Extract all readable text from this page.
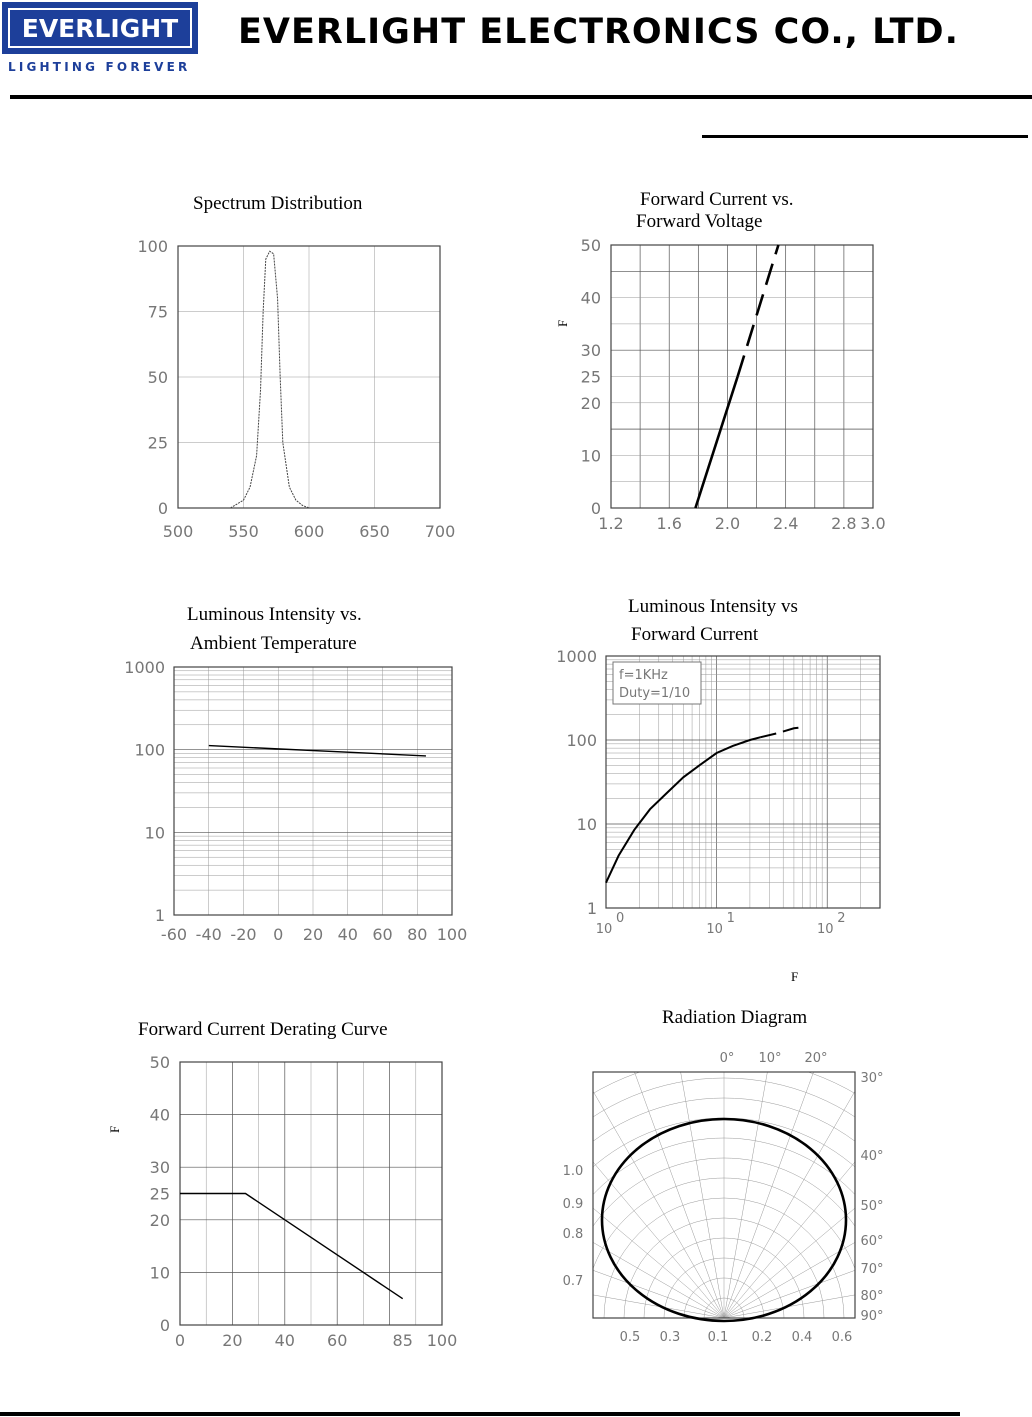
EVERLIGHT
LIGHTING FOREVER
EVERLIGHT ELECTRONICS CO., LTD.
Spectrum Distribution	Forward Current vs.
Forward Voltage
Luminous Intensity vs.
Ambient Temperature
Luminous Intensity vs
Forward Current
Forward Current Derating Curve
Radiation Diagram
F
F
F
500 550 600 650 700
100
75
50
25
0
1.2 1.6 2.0 2.4 2.8 3.0
50
40
30
25
20
10
0
-60 -40 -20 0 20 40 60 80 100
1000
100
10
1
f=1KHz
Duty=1/10
10
0
10
1
10
2
1000
100
10
1
0 20 40 60	85 100
50
40
30
25
20
10
0
0° 10° 20°
30°
40°
50°
60°
70°
80°
90°
1.0
0.9
0.8
0.7
0.5 0.3 0.1 0.2 0.4 0.6
